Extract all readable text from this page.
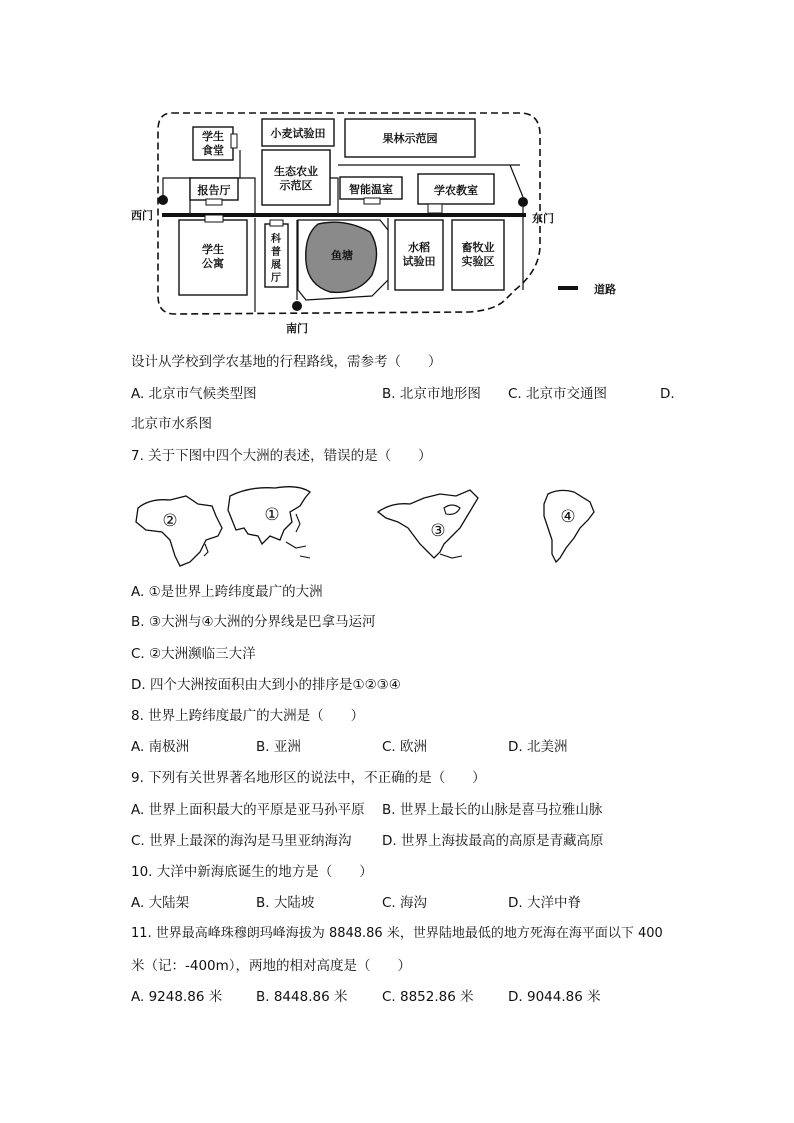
学生
食堂
小麦试验田	果林示范园
生态农业
示范区
报告厅	智能温室	学农教室
学生
公寓
科
普
展
厅
鱼塘
水稻
试验田
畜牧业
实验区
西门	东门
南门
道路
设计从学校到学农基地的行程路线，需参考（　　）
A. 北京市气候类型图	B. 北京市地形图 C. 北京市交通图	D.
北京市水系图
7. 关于下图中四个大洲的表述，错误的是（　　）
②	①
③
④
A. ①是世界上跨纬度最广的大洲
B. ③大洲与④大洲的分界线是巴拿马运河
C. ②大洲濒临三大洋
D. 四个大洲按面积由大到小的排序是①②③④
8. 世界上跨纬度最广的大洲是（　　）
A. 南极洲	B. 亚洲	C. 欧洲	D. 北美洲
9. 下列有关世界著名地形区的说法中，不正确的是（　　）
A. 世界上面积最大的平原是亚马孙平原 B. 世界上最长的山脉是喜马拉雅山脉
C. 世界上最深的海沟是马里亚纳海沟 D. 世界上海拔最高的高原是青藏高原
10. 大洋中新海底诞生的地方是（　　）
A. 大陆架	B. 大陆坡	C. 海沟	D. 大洋中脊
11. 世界最高峰珠穆朗玛峰海拔为 8848.86 米，世界陆地最低的地方死海在海平面以下 400
米（记：-400m），两地的相对高度是（　　）
A. 9248.86 米	B. 8448.86 米	C. 8852.86 米	D. 9044.86 米
